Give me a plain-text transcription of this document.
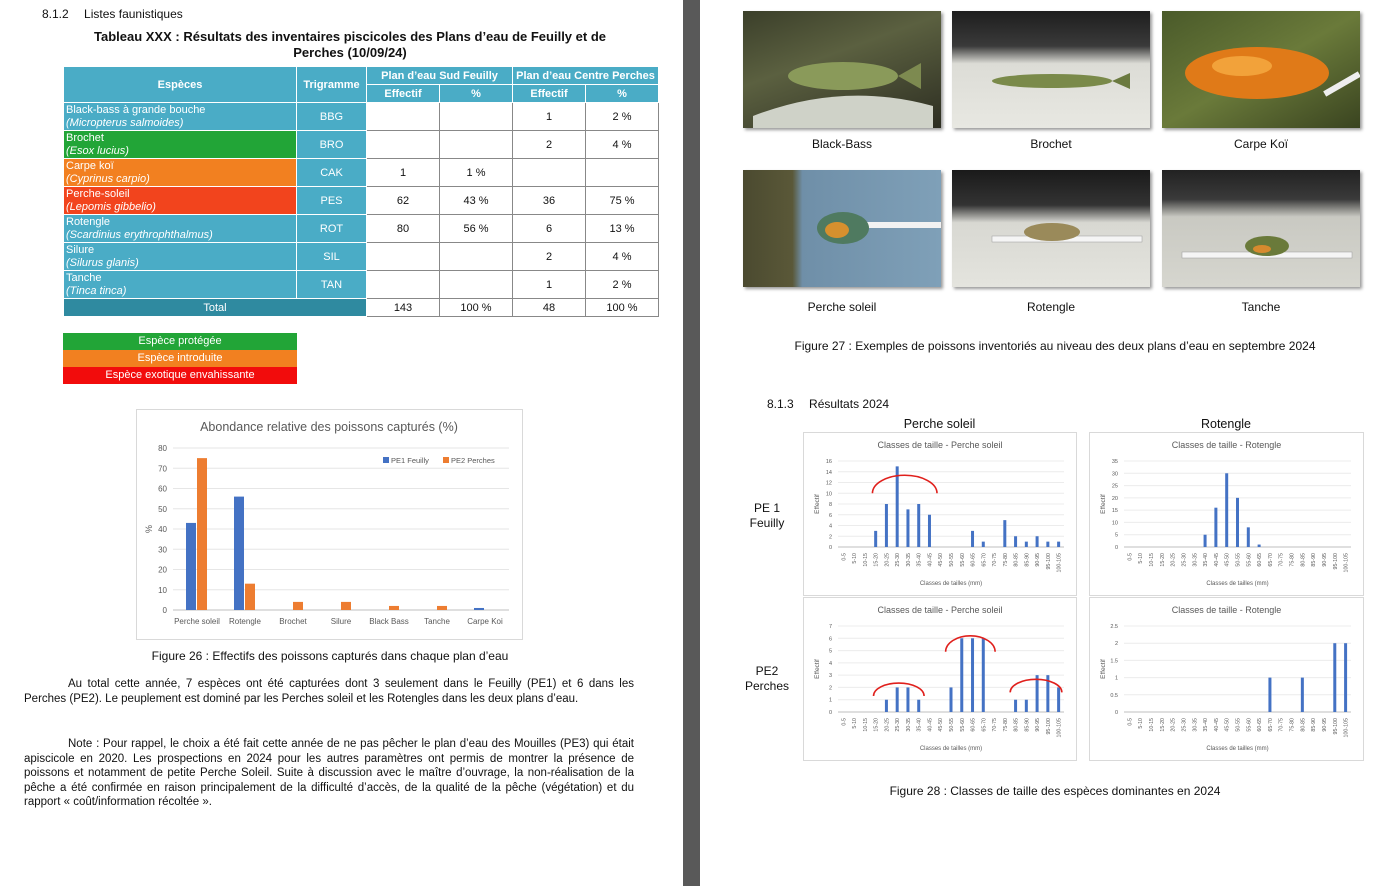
8.1.2 Listes faunistiques
Tableau XXX : Résultats des inventaires piscicoles des Plans d’eau de Feuilly et de
Perches (10/09/24)
Espèces	Trigramme	Plan d’eau Sud Feuilly		Plan d’eau Centre Perches	
		Effectif	%	Effectif	%

Black-bass à grande bouche
(Micropterus salmoides)	BBG			1	2 %

Brochet
(Esox lucius)	BRO			2	4 %

Carpe koï
(Cyprinus carpio)	CAK	1	1 %		

Perche-soleil
(Lepomis gibbelio)	PES	62	43 %	36	75 %

Rotengle
(Scardinius erythrophthalmus)	ROT	80	56 %	6	13 %

Silure
(Silurus glanis)	SIL			2	4 %

Tanche
(Tinca tinca)	TAN			1	2 %
Total		143	100 %	48	100 %
Espèce protégée
Espèce introduite
Espèce exotique envahissante
Abondance relative des poissons capturés (%)
0
10
20
30
40
50
60
70
80
%
Perche soleil Rotengle Brochet	Silure Black Bass Tanche Carpe Koi
PE1 Feuilly	PE2 Perches
Figure 26 : Effectifs des poissons capturés dans chaque plan d’eau
Au total cette année, 7 espèces ont été capturées dont 3 seulement dans le Feuilly (PE1) et 6 dans les Perches (PE2). Le peuplement est dominé par les Perches soleil et les Rotengles dans les deux plans d’eau.
Note : Pour rappel, le choix a été fait cette année de ne pas pêcher le plan d’eau des Mouilles (PE3) qui était apiscicole en 2020. Les prospections en 2024 pour les autres paramètres ont permis de montrer la présence de poissons et notamment de petite Perche Soleil. Suite à discussion avec le maître d’ouvrage, la non-réalisation de la pêche a été confirmée en raison principalement de la difficulté d’accès, de la qualité de la pêche (végétation) et du rapport « coût/information récoltée ».
Black-Bass	Brochet	Carpe Koï
Perche soleil	Rotengle	Tanche
Figure 27 : Exemples de poissons inventoriés au niveau des deux plans d’eau en septembre 2024
8.1.3 Résultats 2024
Perche soleil	Rotengle
PE 1
Feuilly
PE2
Perches
Classes de taille - Perche soleil
0
2
4
6
8
10
12
14
16
Effectif
0-5 5-10 10-15 15-20 20-25 25-30 30-35 35-40 40-45 45-50 50-55 55-60 60-65 65-70 70-75 75-80 80-85 85-90 90-95 95-100 100-105
Classes de tailles (mm)
Classes de taille - Rotengle
0
5
10
15
20
25
30
35
Effectif
0-5 5-10 10-15 15-20 20-25 25-30 30-35 35-40 40-45 45-50 50-55 55-60 60-65 65-70 70-75 75-80 80-85 85-90 90-95 95-100 100-105
Classes de tailles (mm)
Classes de taille - Perche soleil
0
1
2
3
4
5
6
7
Effectif
0-5 5-10 10-15 15-20 20-25 25-30 30-35 35-40 40-45 45-50 50-55 55-60 60-65 65-70 70-75 75-80 80-85 85-90 90-95 95-100 100-105
Classes de tailles (mm)
Classes de taille - Rotengle
0
0.5
1
1.5
2
2.5
Effectif
0-5 5-10 10-15 15-20 20-25 25-30 30-35 35-40 40-45 45-50 50-55 55-60 60-65 65-70 70-75 75-80 80-85 85-90 90-95 95-100 100-105
Classes de tailles (mm)
Figure 28 : Classes de taille des espèces dominantes en 2024
